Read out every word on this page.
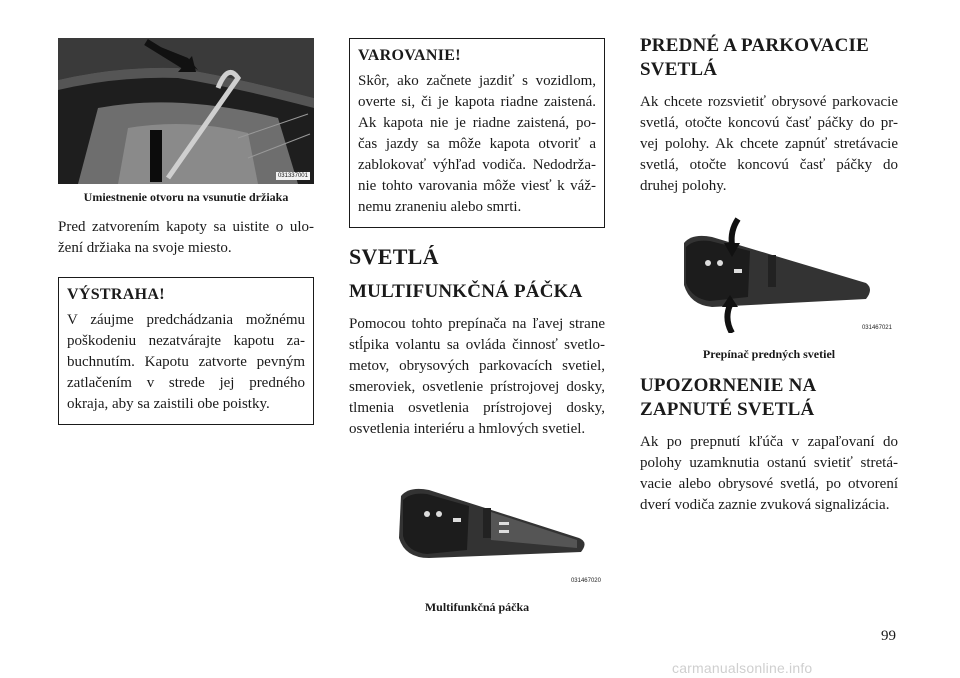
031337001

Umiestnenie otvoru na vsunutie držiaka

Pred zatvorením kapoty sa uistite o ulo-žení držiaka na svoje miesto.

VÝSTRAHA!

V záujme predchádzania možnému poškodeniu nezatvárajte kapotu za-buchnutím. Kapotu zatvorte pevným zatlačením v strede jej predného okraja, aby sa zaistili obe poistky.

VAROVANIE!

Skôr, ako začnete jazdiť s vozidlom, overte si, či je kapota riadne zaistená. Ak kapota nie je riadne zaistená, po-čas jazdy sa môže kapota otvoriť a zablokovať výhľad vodiča. Nedodrža-nie tohto varovania môže viesť k váž-nemu zraneniu alebo smrti.

SVETLÁ
MULTIFUNKČNÁ PÁČKA

Pomocou tohto prepínača na ľavej strane stĺpika volantu sa ovláda činnosť svetlo-metov, obrysových parkovacích svetiel, smeroviek, osvetlenie prístrojovej dosky, tlmenia osvetlenia prístrojovej dosky, osvetlenia interiéru a hmlových svetiel.

031467020

Multifunkčná páčka

PREDNÉ A PARKOVACIE SVETLÁ

Ak chcete rozsvietiť obrysové parkovacie svetlá, otočte koncovú časť páčky do pr-vej polohy. Ak chcete zapnúť stretávacie svetlá, otočte koncovú časť páčky do druhej polohy.

031467021

Prepínač predných svetiel

UPOZORNENIE NA ZAPNUTÉ SVETLÁ

Ak po prepnutí kľúča v zapaľovaní do polohy uzamknutia ostanú svietiť stretá-vacie alebo obrysové svetlá, po otvorení dverí vodiča zaznie zvuková signalizácia.

99
carmanualsonline.info
